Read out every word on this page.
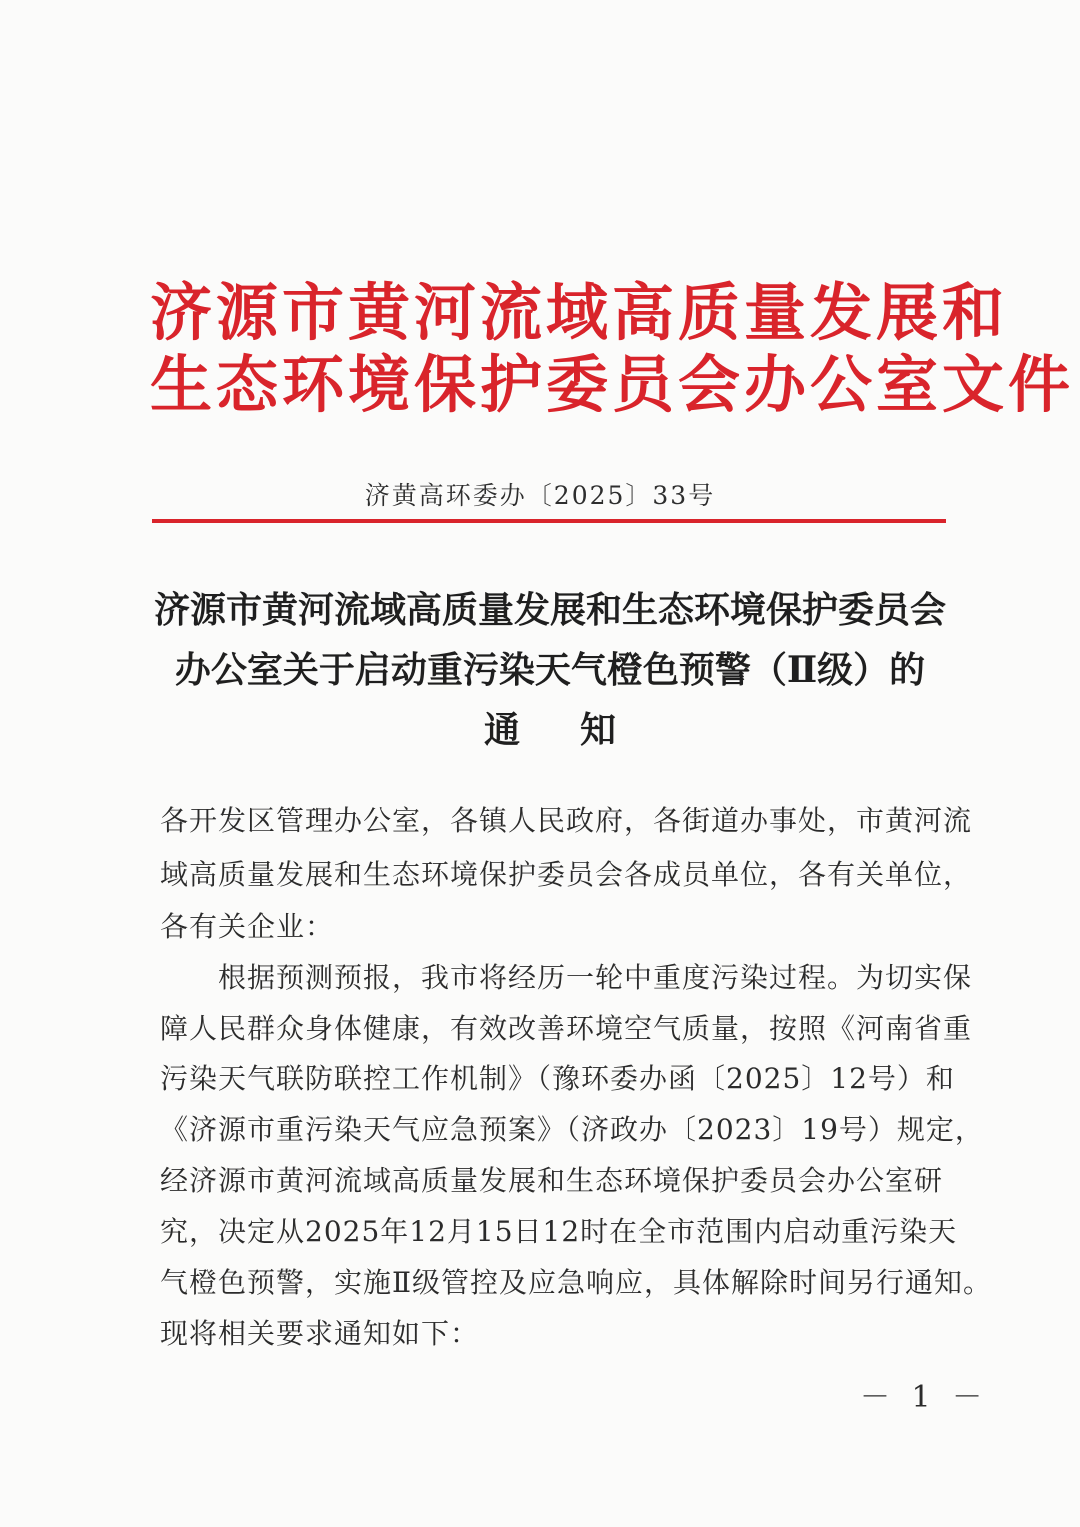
济源市黄河流域高质量发展和
生态环境保护委员会办公室文件
济黄高环委办〔2025〕33号
济源市黄河流域高质量发展和生态环境保护委员会
办公室关于启动重污染天气橙色预警（Ⅱ级）的
通知
各开发区管理办公室，各镇人民政府，各街道办事处，市黄河流
域高质量发展和生态环境保护委员会各成员单位，各有关单位，
各有关企业：
　　根据预测预报，我市将经历一轮中重度污染过程。为切实保
障人民群众身体健康，有效改善环境空气质量，按照《河南省重
污染天气联防联控工作机制》（豫环委办函〔2025〕12号）和
《济源市重污染天气应急预案》（济政办〔2023〕19号）规定，
经济源市黄河流域高质量发展和生态环境保护委员会办公室研
究，决定从2025年12月15日12时在全市范围内启动重污染天
气橙色预警，实施Ⅱ级管控及应急响应，具体解除时间另行通知。
现将相关要求通知如下：
－ 1 －
